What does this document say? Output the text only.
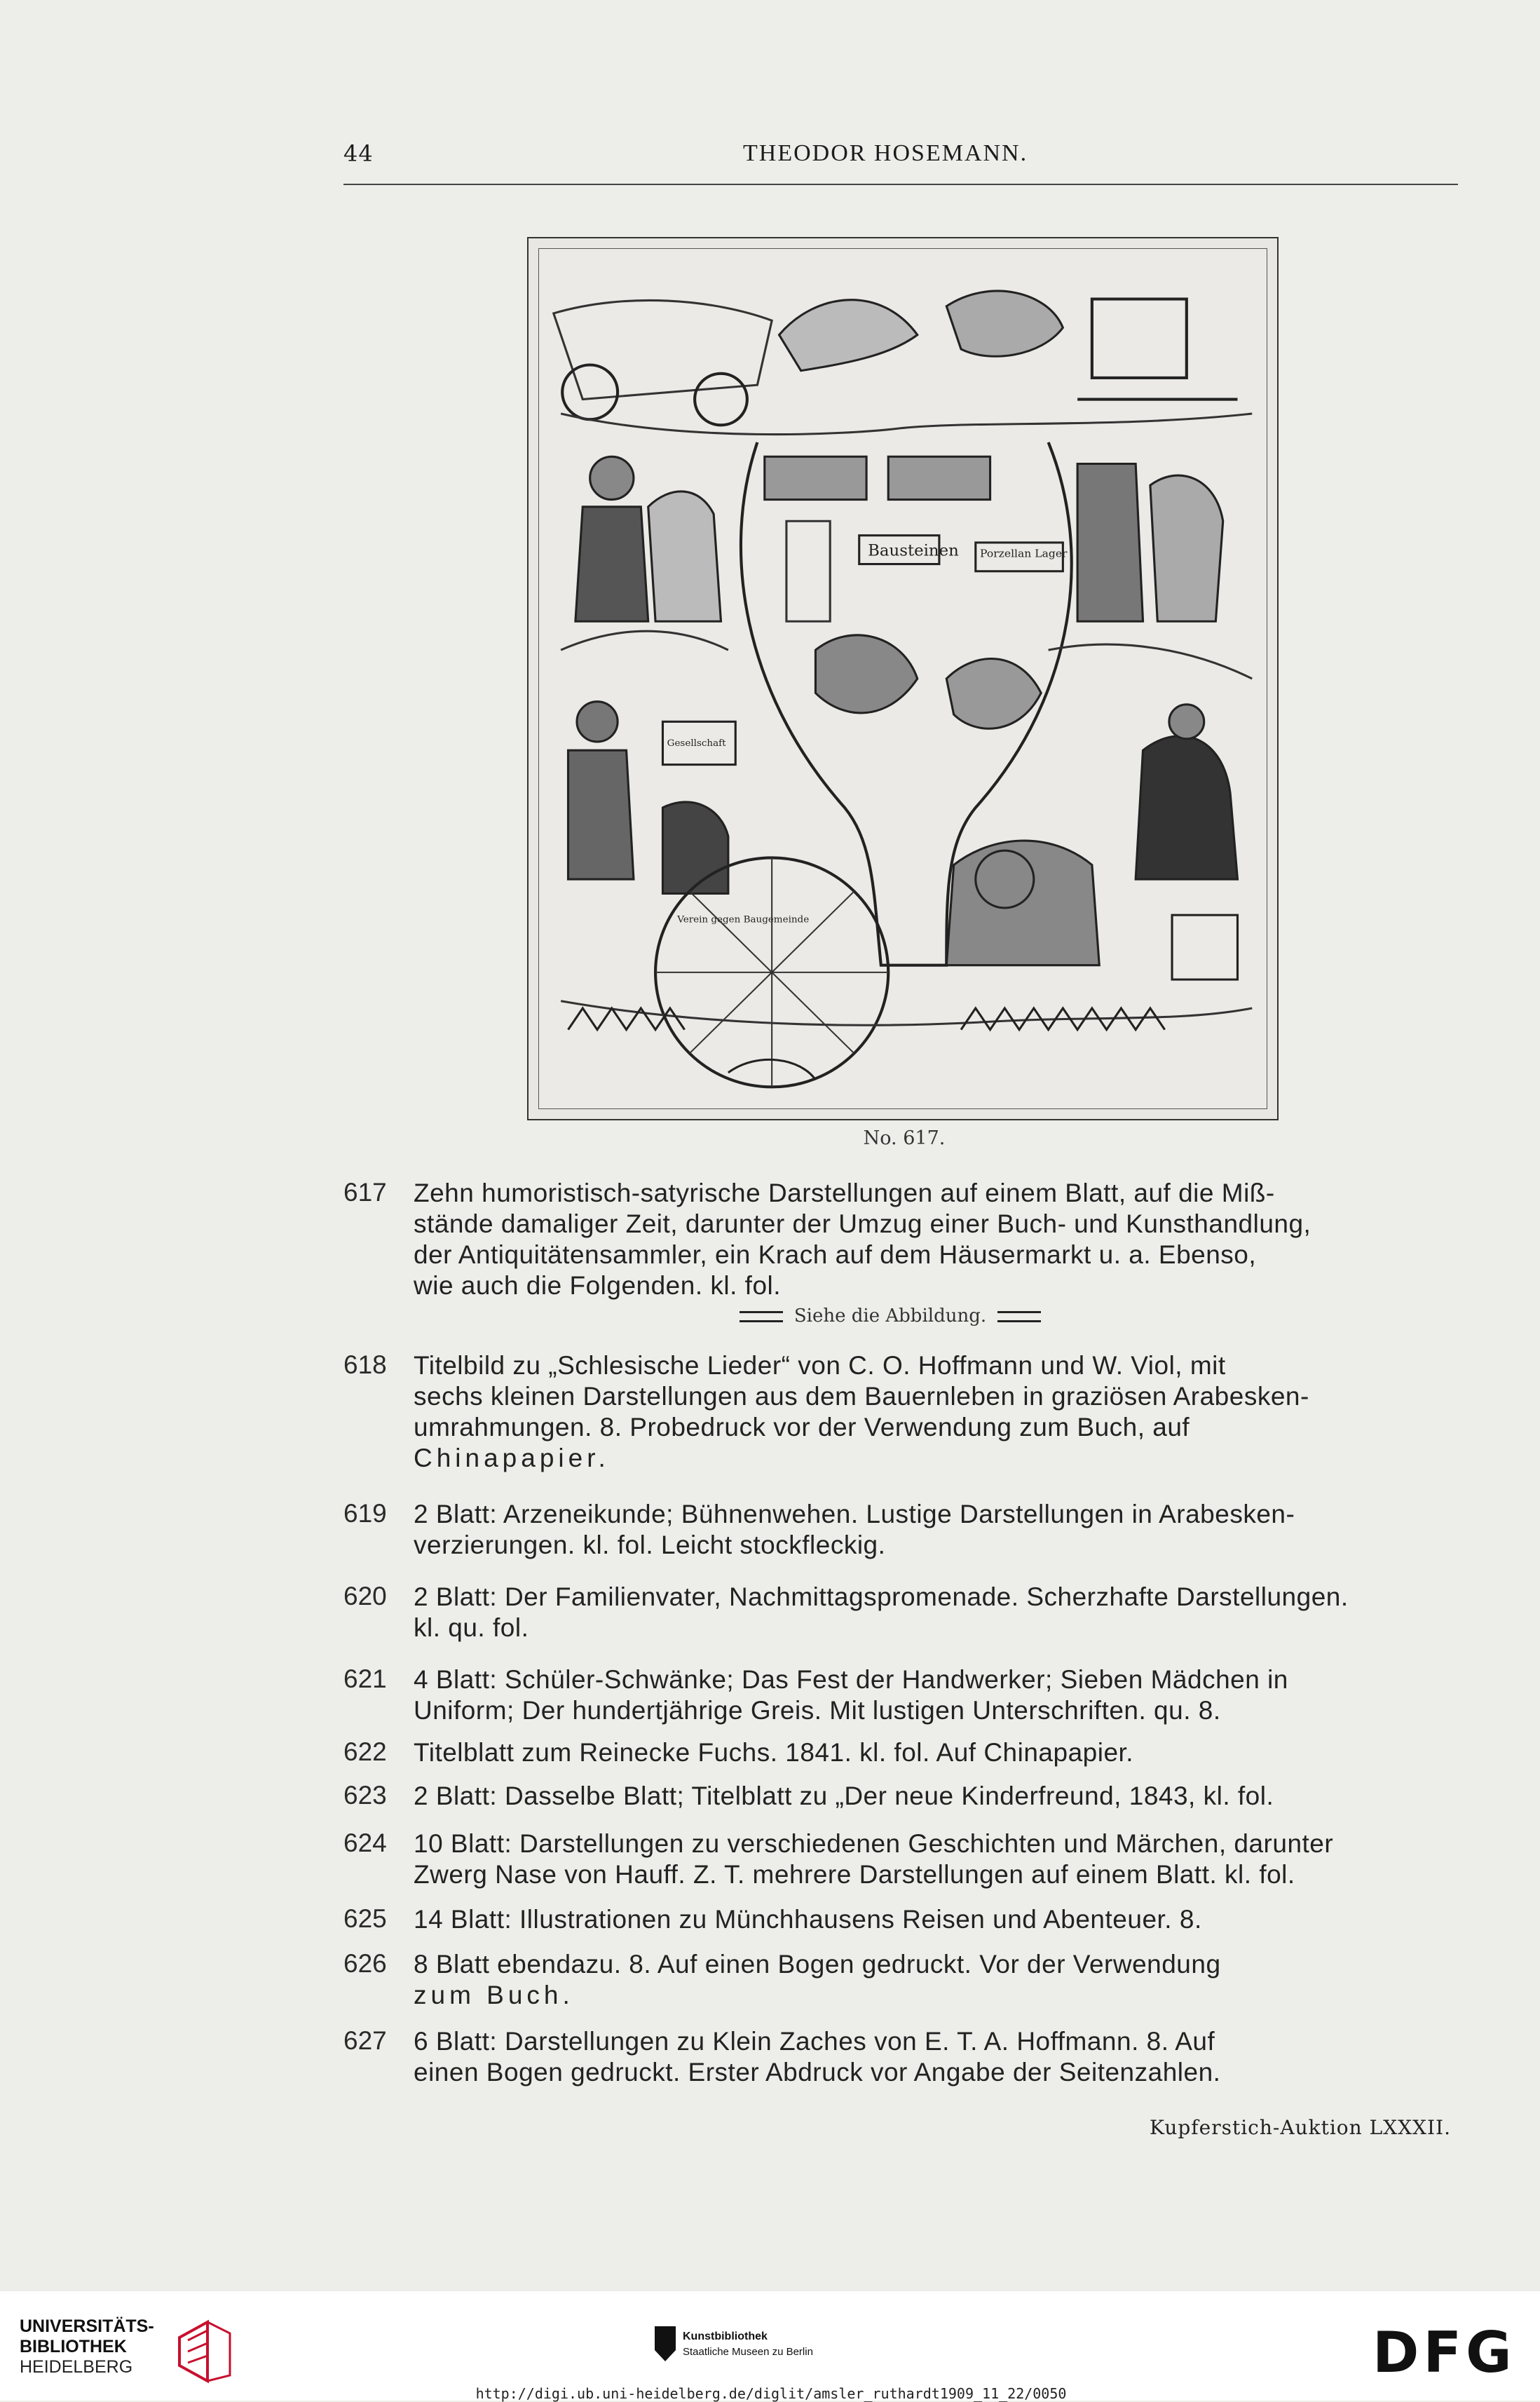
44	THEODOR HOSEMANN.
Bausteinen Porzellan Lager
Gesellschaft
Verein gegen Baugemeinde
No. 617.
617 Zehn humoristisch-satyrische Darstellungen auf einem Blatt, auf die Miß-
stände damaliger Zeit, darunter der Umzug einer Buch- und Kunsthandlung,
der Antiquitätensammler, ein Krach auf dem Häusermarkt u. a. Ebenso,
wie auch die Folgenden. kl. fol.
618 Titelbild zu „Schlesische Lieder“ von C. O. Hoffmann und W. Viol, mit
sechs kleinen Darstellungen aus dem Bauernleben in graziösen Arabesken-
umrahmungen. 8. Probedruck vor der Verwendung zum Buch, auf
Chinapapier.
619 2 Blatt: Arzeneikunde; Bühnenwehen. Lustige Darstellungen in Arabesken-
verzierungen. kl. fol. Leicht stockfleckig.
620 2 Blatt: Der Familienvater, Nachmittagspromenade. Scherzhafte Darstellungen.
kl. qu. fol.
621 4 Blatt: Schüler-Schwänke; Das Fest der Handwerker; Sieben Mädchen in
Uniform; Der hundertjährige Greis. Mit lustigen Unterschriften. qu. 8.
622 Titelblatt zum Reinecke Fuchs. 1841. kl. fol. Auf Chinapapier.
623 2 Blatt: Dasselbe Blatt; Titelblatt zu „Der neue Kinderfreund, 1843, kl. fol.
624 10 Blatt: Darstellungen zu verschiedenen Geschichten und Märchen, darunter
Zwerg Nase von Hauff. Z. T. mehrere Darstellungen auf einem Blatt. kl. fol.
625 14 Blatt: Illustrationen zu Münchhausens Reisen und Abenteuer. 8.
626 8 Blatt ebendazu. 8. Auf einen Bogen gedruckt. Vor der Verwendung
zum Buch.
627 6 Blatt: Darstellungen zu Klein Zaches von E. T. A. Hoffmann. 8. Auf
einen Bogen gedruckt. Erster Abdruck vor Angabe der Seitenzahlen.
Siehe die Abbildung.
Kupferstich-Auktion LXXXII.
UNIVERSITÄTS-
BIBLIOTHEK
HEIDELBERG
Kunstbibliothek
Staatliche Museen zu Berlin	DFG
http://digi.ub.uni-heidelberg.de/diglit/amsler_ruthardt1909_11_22/0050
